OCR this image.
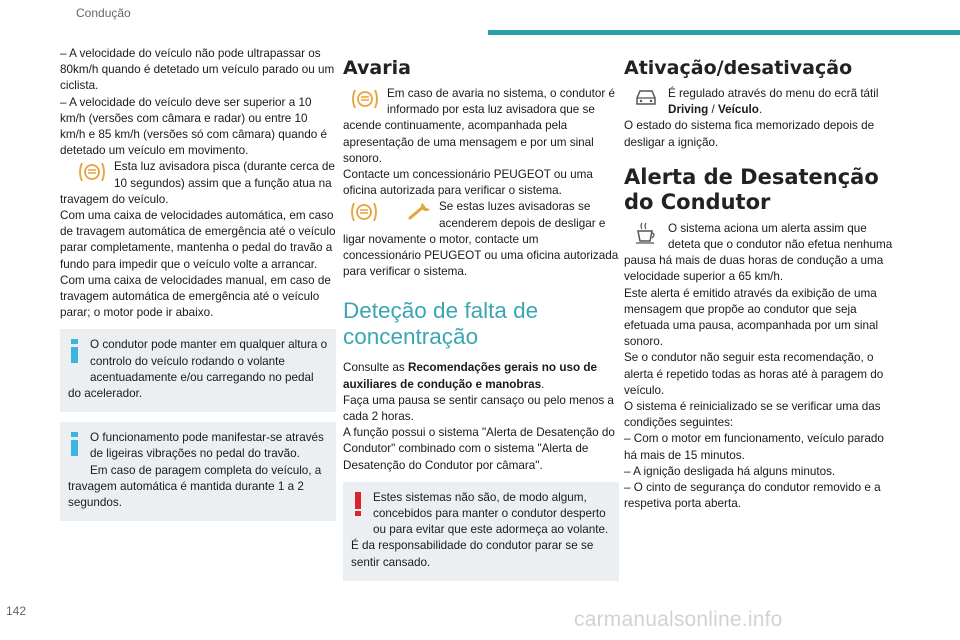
Condução

– A velocidade do veículo não pode ultrapassar os 80km/h quando é detetado um veículo parado ou um ciclista.

– A velocidade do veículo deve ser superior a 10 km/h (versões com câmara e radar) ou entre 10 km/h e 85 km/h (versões só com câmara) quando é detetado um veículo em movimento.

Esta luz avisadora pisca (durante cerca de 10 segundos) assim que a função atua na travagem do veículo.

Com uma caixa de velocidades automática, em caso de travagem automática de emergência até o veículo parar completamente, mantenha o pedal do travão a fundo para impedir que o veículo volte a arrancar.

Com uma caixa de velocidades manual, em caso de travagem automática de emergência até o veículo parar; o motor pode ir abaixo.

O condutor pode manter em qualquer altura o controlo do veículo rodando o volante acentuadamente e/ou carregando no pedal do acelerador.

O funcionamento pode manifestar-se através de ligeiras vibrações no pedal do travão.

Em caso de paragem completa do veículo, a travagem automática é mantida durante 1 a 2 segundos.

Avaria

Em caso de avaria no sistema, o condutor é informado por esta luz avisadora que se acende continuamente, acompanhada pela apresentação de uma mensagem e por um sinal sonoro.

Contacte um concessionário PEUGEOT ou uma oficina autorizada para verificar o sistema.

Se estas luzes avisadoras se acenderem depois de desligar e ligar novamente o motor, contacte um concessionário PEUGEOT ou uma oficina autorizada para verificar o sistema.

Deteção de falta de concentração

Consulte as Recomendações gerais no uso de auxiliares de condução e manobras.

Faça uma pausa se sentir cansaço ou pelo menos a cada 2 horas.

A função possui o sistema "Alerta de Desatenção do Condutor" combinado com o sistema "Alerta de Desatenção do Condutor por câmara".

Estes sistemas não são, de modo algum, concebidos para manter o condutor desperto ou para evitar que este adormeça ao volante.

É da responsabilidade do condutor parar se se sentir cansado.

Ativação/desativação

É regulado através do menu do ecrã tátil Driving / Veículo.

O estado do sistema fica memorizado depois de desligar a ignição.

Alerta de Desatenção do Condutor

O sistema aciona um alerta assim que deteta que o condutor não efetua nenhuma pausa há mais de duas horas de condução a uma velocidade superior a 65 km/h.

Este alerta é emitido através da exibição de uma mensagem que propõe ao condutor que seja efetuada uma pausa, acompanhada por um sinal sonoro.

Se o condutor não seguir esta recomendação, o alerta é repetido todas as horas até à paragem do veículo.

O sistema é reinicializado se se verificar uma das condições seguintes:

– Com o motor em funcionamento, veículo parado há mais de 15 minutos.

– A ignição desligada há alguns minutos.

– O cinto de segurança do condutor removido e a respetiva porta aberta.

142	carmanualsonline.info
